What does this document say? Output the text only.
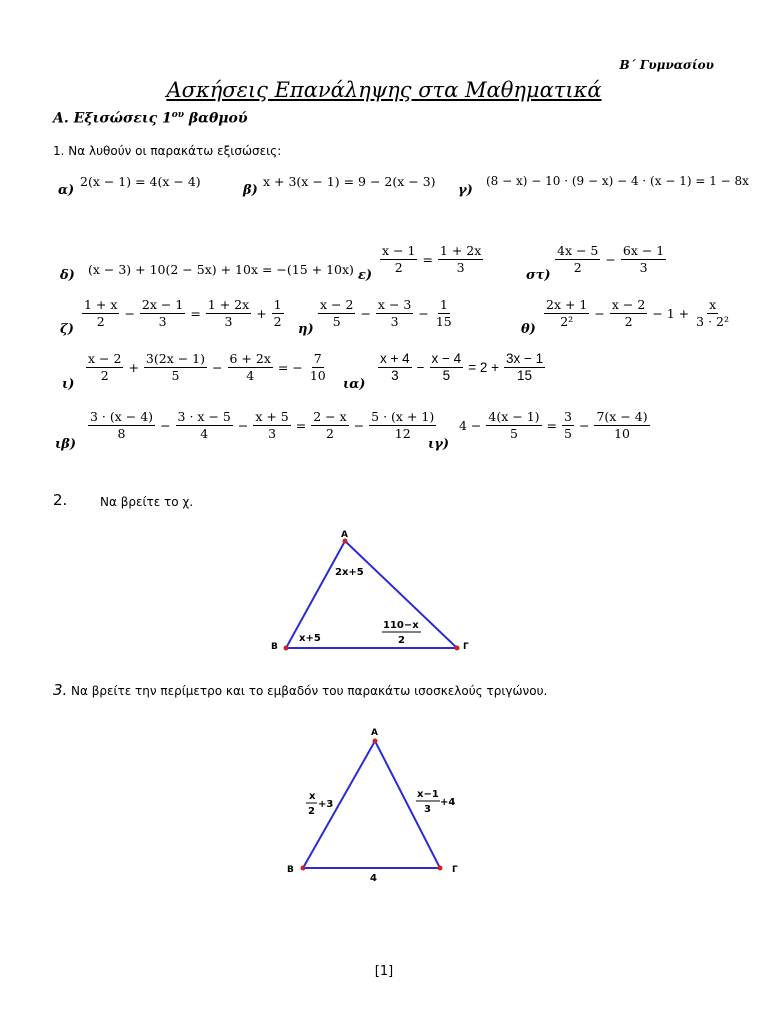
Β΄ Γυμνασίου
Ασκήσεις Επανάληψης στα Μαθηματικά
Α. Εξισώσεις $1^{o\upsilon}$ βαθμού
1. Να λυθούν οι παρακάτω εξισώσεις:
α)
2(x − 1) = 4(x − 4)
β)
x + 3(x − 1) = 9 − 2(x − 3)
γ)
(8 − x) − 10 · (9 − x) − 4 · (x − 1) = 1 − 8x
δ) (x − 3) + 10(2 − 5x) + 10x = −(15 + 10x) ε)
$\frac{x - 1}{2} = \frac{1 + 2x}{3}$
στ)
$\frac{4x - 5}{2} - \frac{6x - 1}{3}$
ζ)
$\frac{1 + x}{2} - \frac{2x - 1}{3} = \frac{1 + 2x}{3} + \frac{1}{2}$
η)
$\frac{x - 2}{5} - \frac{x - 3}{3} - \frac{1}{15}$
θ)
$\frac{2x + 1}{\text{2²}} - \frac{x - 2}{2} - 1 + \frac{x}{\text{3 · 2²}}$
ι)
$\frac{x - 2}{2} + \frac{3(2x - 1)}{5} - \frac{6 + 2x}{4}$ = − $\frac{7}{10}$
ια)
$\frac{x + 4}{3} - \frac{x - 4}{5} = 2 + \frac{3x - 1}{15}$
ιβ)
$\frac{3 \cdot (x - 4)}{8} - \frac{3 \cdot x - 5}{4} - \frac{x + 5}{3} = \frac{2 - x}{2} - \frac{5 \cdot (x + 1)}{12}$
ιγ)
$4 - \frac{4(x - 1)}{5} = \frac{3}{5} - \frac{7(x - 4)}{10}$
2.	Να βρείτε το χ.
Α
Β	Γ
2x+5
x+5
110−x
2
Α
Β	Γ
x
2
+3
x−1
3
+4
4
3. Να βρείτε την περίμετρο και το εμβαδόν του παρακάτω ισοσκελούς τριγώνου.
[1]
